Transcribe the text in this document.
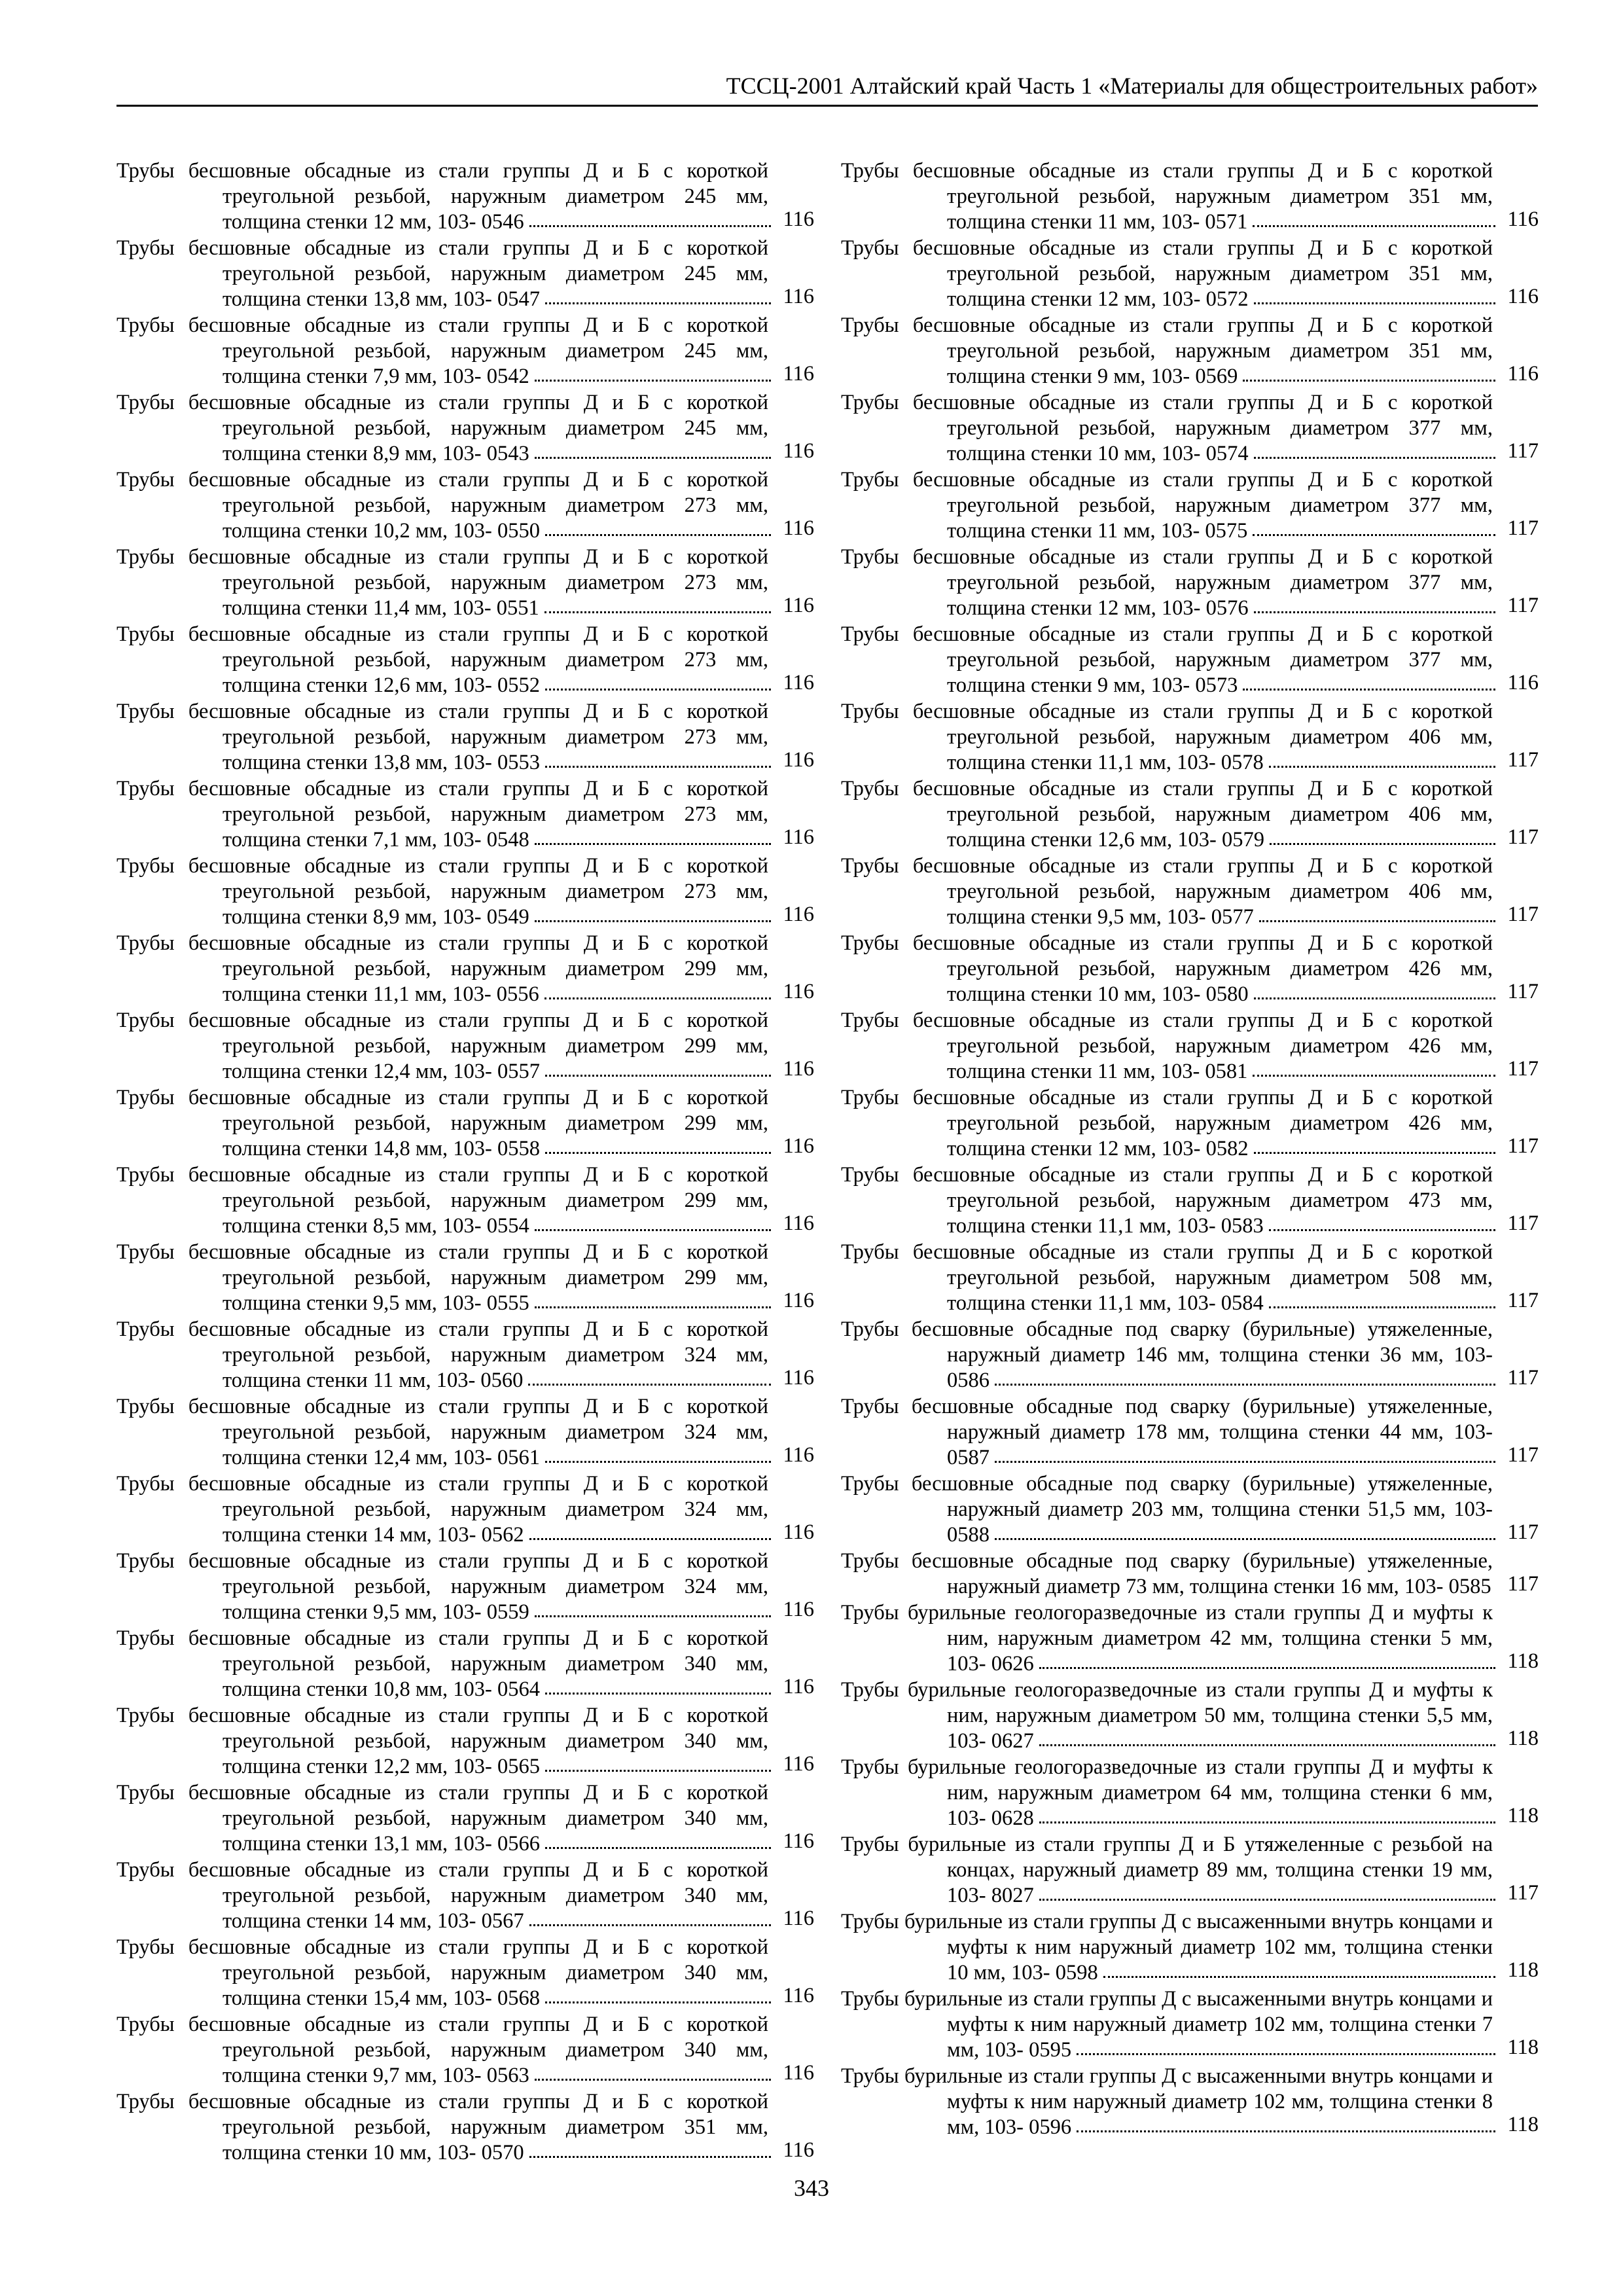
ТССЦ-2001 Алтайский край Часть 1 «Материалы для общестроительных работ»
Трубы бесшовные обсадные из стали группы Д и Б с короткой треугольной резьбой, наружным диаметром 245 мм, толщина стенки 12 мм, 103- 0546	116
Трубы бесшовные обсадные из стали группы Д и Б с короткой треугольной резьбой, наружным диаметром 245 мм, толщина стенки 13,8 мм, 103- 0547	116
Трубы бесшовные обсадные из стали группы Д и Б с короткой треугольной резьбой, наружным диаметром 245 мм, толщина стенки 7,9 мм, 103- 0542	116
Трубы бесшовные обсадные из стали группы Д и Б с короткой треугольной резьбой, наружным диаметром 245 мм, толщина стенки 8,9 мм, 103- 0543	116
Трубы бесшовные обсадные из стали группы Д и Б с короткой треугольной резьбой, наружным диаметром 273 мм, толщина стенки 10,2 мм, 103- 0550	116
Трубы бесшовные обсадные из стали группы Д и Б с короткой треугольной резьбой, наружным диаметром 273 мм, толщина стенки 11,4 мм, 103- 0551	116
Трубы бесшовные обсадные из стали группы Д и Б с короткой треугольной резьбой, наружным диаметром 273 мм, толщина стенки 12,6 мм, 103- 0552	116
Трубы бесшовные обсадные из стали группы Д и Б с короткой треугольной резьбой, наружным диаметром 273 мм, толщина стенки 13,8 мм, 103- 0553	116
Трубы бесшовные обсадные из стали группы Д и Б с короткой треугольной резьбой, наружным диаметром 273 мм, толщина стенки 7,1 мм, 103- 0548	116
Трубы бесшовные обсадные из стали группы Д и Б с короткой треугольной резьбой, наружным диаметром 273 мм, толщина стенки 8,9 мм, 103- 0549	116
Трубы бесшовные обсадные из стали группы Д и Б с короткой треугольной резьбой, наружным диаметром 299 мм, толщина стенки 11,1 мм, 103- 0556	116
Трубы бесшовные обсадные из стали группы Д и Б с короткой треугольной резьбой, наружным диаметром 299 мм, толщина стенки 12,4 мм, 103- 0557	116
Трубы бесшовные обсадные из стали группы Д и Б с короткой треугольной резьбой, наружным диаметром 299 мм, толщина стенки 14,8 мм, 103- 0558	116
Трубы бесшовные обсадные из стали группы Д и Б с короткой треугольной резьбой, наружным диаметром 299 мм, толщина стенки 8,5 мм, 103- 0554	116
Трубы бесшовные обсадные из стали группы Д и Б с короткой треугольной резьбой, наружным диаметром 299 мм, толщина стенки 9,5 мм, 103- 0555	116
Трубы бесшовные обсадные из стали группы Д и Б с короткой треугольной резьбой, наружным диаметром 324 мм, толщина стенки 11 мм, 103- 0560	116
Трубы бесшовные обсадные из стали группы Д и Б с короткой треугольной резьбой, наружным диаметром 324 мм, толщина стенки 12,4 мм, 103- 0561	116
Трубы бесшовные обсадные из стали группы Д и Б с короткой треугольной резьбой, наружным диаметром 324 мм, толщина стенки 14 мм, 103- 0562	116
Трубы бесшовные обсадные из стали группы Д и Б с короткой треугольной резьбой, наружным диаметром 324 мм, толщина стенки 9,5 мм, 103- 0559	116
Трубы бесшовные обсадные из стали группы Д и Б с короткой треугольной резьбой, наружным диаметром 340 мм, толщина стенки 10,8 мм, 103- 0564	116
Трубы бесшовные обсадные из стали группы Д и Б с короткой треугольной резьбой, наружным диаметром 340 мм, толщина стенки 12,2 мм, 103- 0565	116
Трубы бесшовные обсадные из стали группы Д и Б с короткой треугольной резьбой, наружным диаметром 340 мм, толщина стенки 13,1 мм, 103- 0566	116
Трубы бесшовные обсадные из стали группы Д и Б с короткой треугольной резьбой, наружным диаметром 340 мм, толщина стенки 14 мм, 103- 0567	116
Трубы бесшовные обсадные из стали группы Д и Б с короткой треугольной резьбой, наружным диаметром 340 мм, толщина стенки 15,4 мм, 103- 0568	116
Трубы бесшовные обсадные из стали группы Д и Б с короткой треугольной резьбой, наружным диаметром 340 мм, толщина стенки 9,7 мм, 103- 0563	116
Трубы бесшовные обсадные из стали группы Д и Б с короткой треугольной резьбой, наружным диаметром 351 мм, толщина стенки 10 мм, 103- 0570	116
Трубы бесшовные обсадные из стали группы Д и Б с короткой треугольной резьбой, наружным диаметром 351 мм, толщина стенки 11 мм, 103- 0571	116
Трубы бесшовные обсадные из стали группы Д и Б с короткой треугольной резьбой, наружным диаметром 351 мм, толщина стенки 12 мм, 103- 0572	116
Трубы бесшовные обсадные из стали группы Д и Б с короткой треугольной резьбой, наружным диаметром 351 мм, толщина стенки 9 мм, 103- 0569	116
Трубы бесшовные обсадные из стали группы Д и Б с короткой треугольной резьбой, наружным диаметром 377 мм, толщина стенки 10 мм, 103- 0574	117
Трубы бесшовные обсадные из стали группы Д и Б с короткой треугольной резьбой, наружным диаметром 377 мм, толщина стенки 11 мм, 103- 0575	117
Трубы бесшовные обсадные из стали группы Д и Б с короткой треугольной резьбой, наружным диаметром 377 мм, толщина стенки 12 мм, 103- 0576	117
Трубы бесшовные обсадные из стали группы Д и Б с короткой треугольной резьбой, наружным диаметром 377 мм, толщина стенки 9 мм, 103- 0573	116
Трубы бесшовные обсадные из стали группы Д и Б с короткой треугольной резьбой, наружным диаметром 406 мм, толщина стенки 11,1 мм, 103- 0578	117
Трубы бесшовные обсадные из стали группы Д и Б с короткой треугольной резьбой, наружным диаметром 406 мм, толщина стенки 12,6 мм, 103- 0579	117
Трубы бесшовные обсадные из стали группы Д и Б с короткой треугольной резьбой, наружным диаметром 406 мм, толщина стенки 9,5 мм, 103- 0577	117
Трубы бесшовные обсадные из стали группы Д и Б с короткой треугольной резьбой, наружным диаметром 426 мм, толщина стенки 10 мм, 103- 0580	117
Трубы бесшовные обсадные из стали группы Д и Б с короткой треугольной резьбой, наружным диаметром 426 мм, толщина стенки 11 мм, 103- 0581	117
Трубы бесшовные обсадные из стали группы Д и Б с короткой треугольной резьбой, наружным диаметром 426 мм, толщина стенки 12 мм, 103- 0582	117
Трубы бесшовные обсадные из стали группы Д и Б с короткой треугольной резьбой, наружным диаметром 473 мм, толщина стенки 11,1 мм, 103- 0583	117
Трубы бесшовные обсадные из стали группы Д и Б с короткой треугольной резьбой, наружным диаметром 508 мм, толщина стенки 11,1 мм, 103- 0584	117
Трубы бесшовные обсадные под сварку (бурильные) утяжеленные, наружный диаметр 146 мм, толщина стенки 36 мм, 103- 0586	117
Трубы бесшовные обсадные под сварку (бурильные) утяжеленные, наружный диаметр 178 мм, толщина стенки 44 мм, 103- 0587	117
Трубы бесшовные обсадные под сварку (бурильные) утяжеленные, наружный диаметр 203 мм, толщина стенки 51,5 мм, 103- 0588	117
Трубы бесшовные обсадные под сварку (бурильные) утяжеленные, наружный диаметр 73 мм, толщина стенки 16 мм, 103- 0585 117
Трубы бурильные геологоразведочные из стали группы Д и муфты к ним, наружным диаметром 42 мм, толщина стенки 5 мм, 103- 0626	118
Трубы бурильные геологоразведочные из стали группы Д и муфты к ним, наружным диаметром 50 мм, толщина стенки 5,5 мм, 103- 0627	118
Трубы бурильные геологоразведочные из стали группы Д и муфты к ним, наружным диаметром 64 мм, толщина стенки 6 мм, 103- 0628	118
Трубы бурильные из стали группы Д и Б утяжеленные с резьбой на концах, наружный диаметр 89 мм, толщина стенки 19 мм, 103- 8027	117
Трубы бурильные из стали группы Д с высаженными внутрь концами и муфты к ним наружный диаметр 102 мм, толщина стенки 10 мм, 103- 0598	118
Трубы бурильные из стали группы Д с высаженными внутрь концами и муфты к ним наружный диаметр 102 мм, толщина стенки 7 мм, 103- 0595	118
Трубы бурильные из стали группы Д с высаженными внутрь концами и муфты к ним наружный диаметр 102 мм, толщина стенки 8 мм, 103- 0596	118
343
